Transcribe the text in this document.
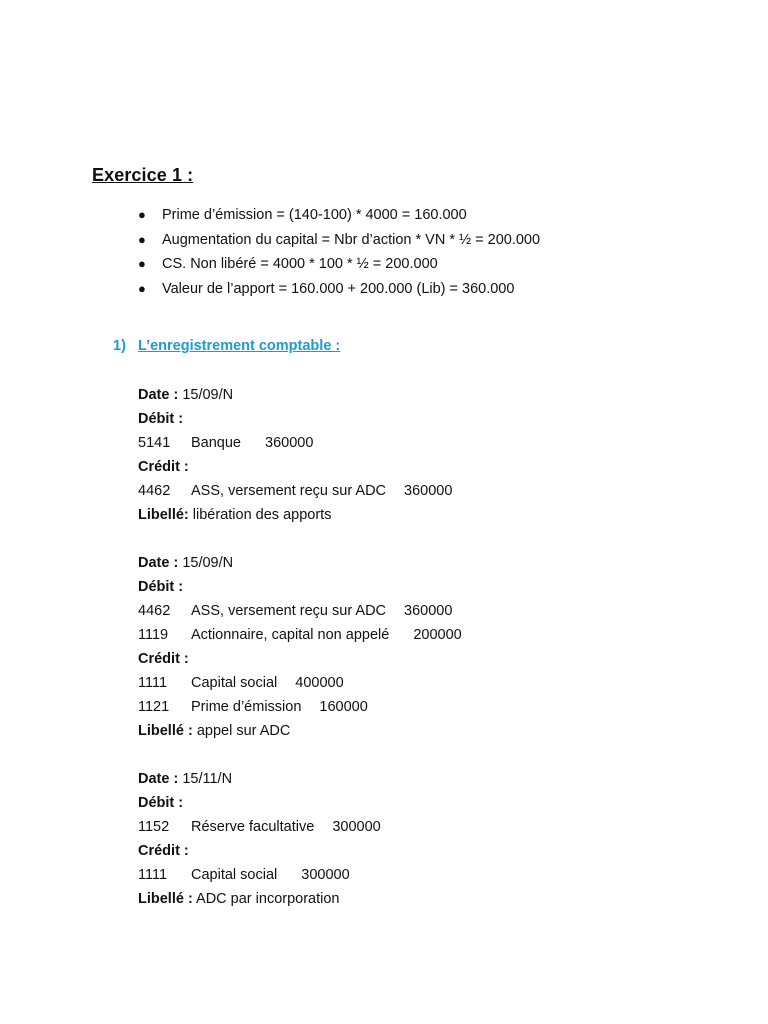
Exercice 1 :
● Prime d’émission = (140-100) * 4000 = 160.000
● Augmentation du capital = Nbr d’action * VN * ½ = 200.000
● CS. Non libéré = 4000 * 100 * ½ = 200.000
● Valeur de l’apport = 160.000 + 200.000 (Lib) = 360.000
1) L’enregistrement comptable :
Date : 15/09/N
Débit :
5141 Banque 360000
Crédit :
4462 ASS, versement reçu sur ADC 360000
Libellé: libération des apports
Date : 15/09/N
Débit :
4462 ASS, versement reçu sur ADC 360000
1119 Actionnaire, capital non appelé 200000
Crédit :
1111 Capital social 400000
1121 Prime d’émission 160000
Libellé : appel sur ADC
Date : 15/11/N
Débit :
1152 Réserve facultative 300000
Crédit :
1111 Capital social 300000
Libellé : ADC par incorporation
